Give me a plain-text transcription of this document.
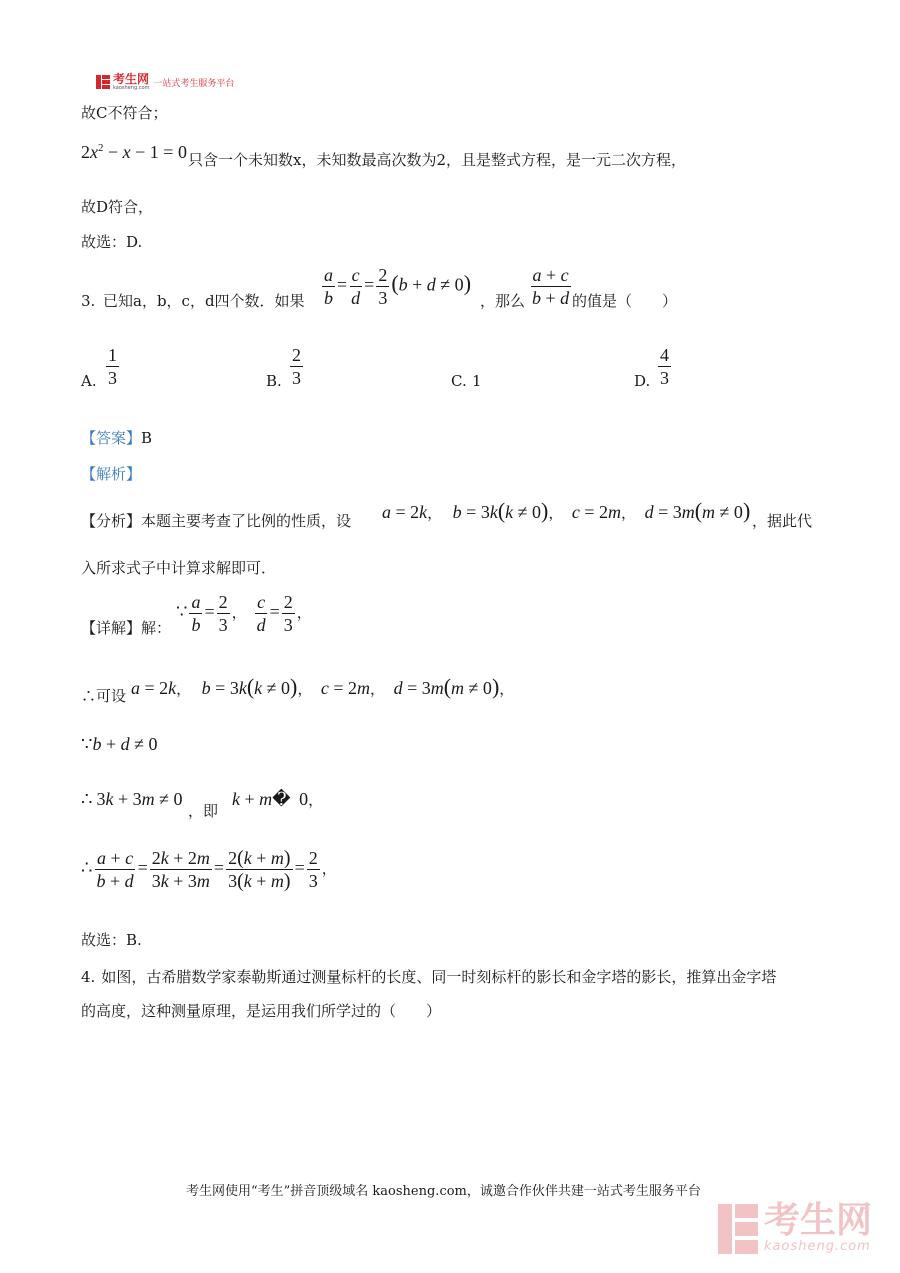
考生网
kaosheng.com 一站式考生服务平台
故C不符合；
$2x^2 - x - 1 = 0$ 只含一个未知数x，未知数最高次数为2，且是整式方程，是一元二次方程，
故D符合，
故选：D.
3. 已知a，b，c，d四个数．如果 $\frac{a}{b} = \frac{c}{d} = \frac{2}{3} (b + d \ne 0)$
，那么 $\frac{a + c}{b + d}$ 的值是（　　）
A. $\frac{1}{3}$	B. $\frac{2}{3}$	C. 1	D. $\frac{4}{3}$
【答案】B
【解析】
【分析】本题主要考查了比例的性质，设 a = 2k， b = 3k(k ≠ 0)， c = 2m， d = 3m(m ≠ 0) ，据此代
入所求式子中计算求解即可．
【详解】解：
∵ $\frac{a}{b} = \frac{2}{3}$ ， $\frac{c}{d} = \frac{2}{3}$ ，
∴可设 a = 2k， b = 3k(k ≠ 0)， c = 2m， d = 3m(m ≠ 0)，
∵b + d ≠ 0
∴ 3k + 3m ≠ 0
，即
k + m� 0，
∴ $\frac{a + c}{b + d} = \frac{2k + 2m}{3k + 3m} = \frac{2(k + m)}{3(k + m)} = \frac{2}{3}$ ，
故选：B.
4. 如图，古希腊数学家泰勒斯通过测量标杆的长度、同一时刻标杆的影长和金字塔的影长，推算出金字塔
的高度，这种测量原理，是运用我们所学过的（　　）
考生网使用“考生”拼音顶级域名 kaosheng.com，诚邀合作伙伴共建一站式考生服务平台
考生网
kaosheng.com
